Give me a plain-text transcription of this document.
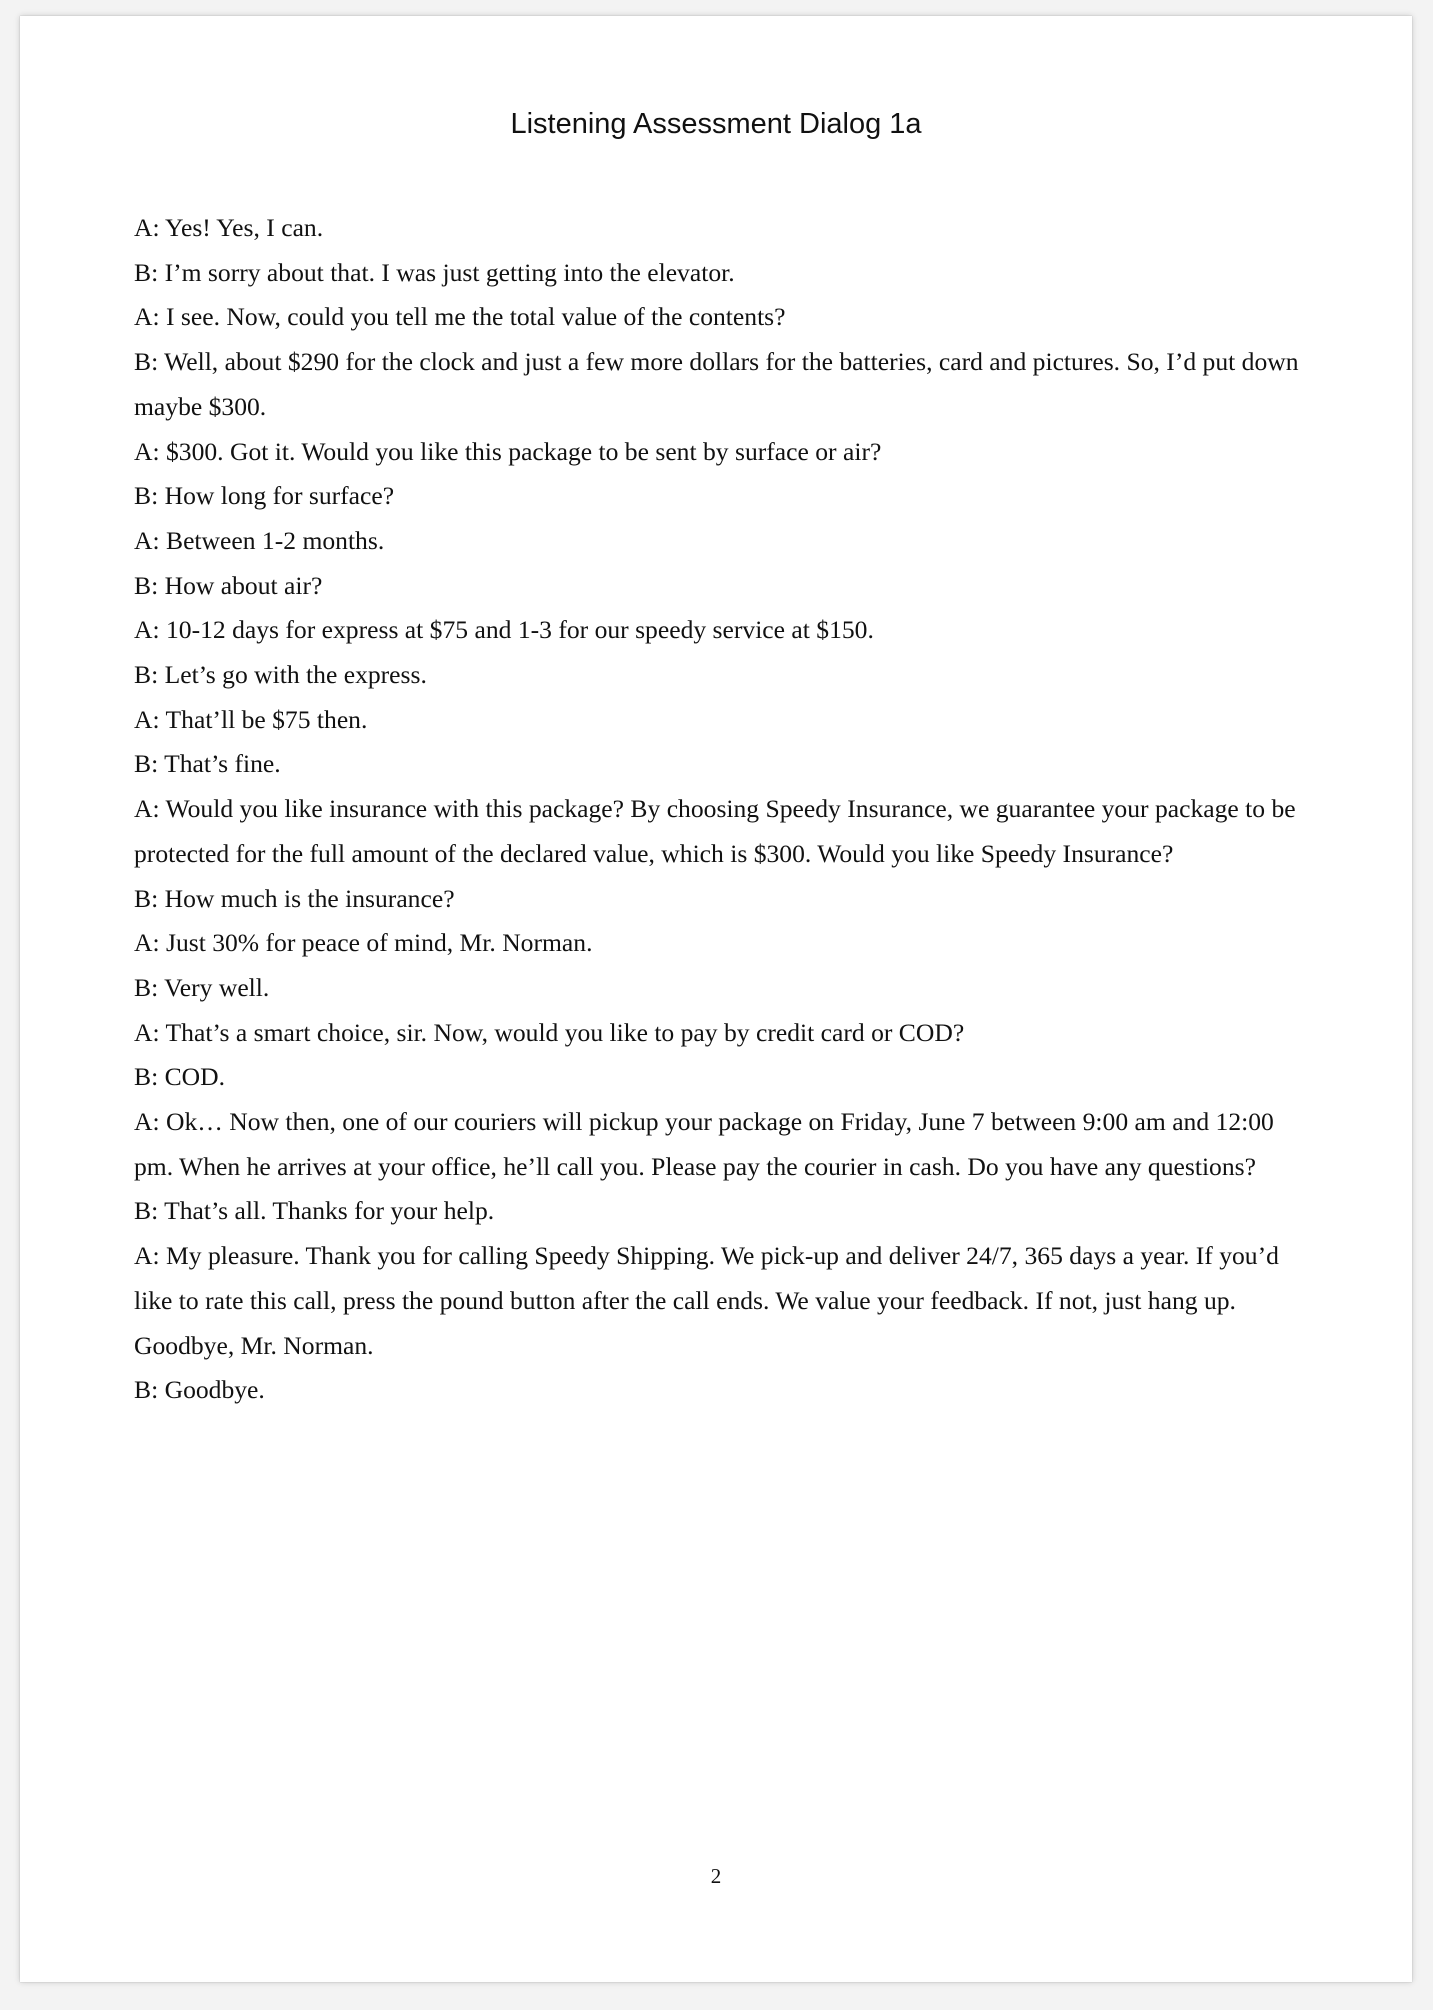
Listening Assessment Dialog 1a

A: Yes! Yes, I can.

B: I’m sorry about that. I was just getting into the elevator.

A: I see. Now, could you tell me the total value of the contents?

B: Well, about $290 for the clock and just a few more dollars for the batteries, card and pictures. So, I’d put down maybe $300.

A: $300. Got it. Would you like this package to be sent by surface or air?

B: How long for surface?

A: Between 1-2 months.

B: How about air?

A: 10-12 days for express at $75 and 1-3 for our speedy service at $150.

B: Let’s go with the express.

A: That’ll be $75 then.

B: That’s fine.

A: Would you like insurance with this package? By choosing Speedy Insurance, we guarantee your package to be protected for the full amount of the declared value, which is $300. Would you like Speedy Insurance?

B: How much is the insurance?

A: Just 30% for peace of mind, Mr. Norman.

B: Very well.

A: That’s a smart choice, sir. Now, would you like to pay by credit card or COD?

B: COD.

A: Ok… Now then, one of our couriers will pickup your package on Friday, June 7 between 9:00 am and 12:00 pm. When he arrives at your office, he’ll call you. Please pay the courier in cash. Do you have any questions?

B: That’s all. Thanks for your help.

A: My pleasure. Thank you for calling Speedy Shipping. We pick-up and deliver 24/7, 365 days a year. If you’d like to rate this call, press the pound button after the call ends. We value your feedback. If not, just hang up. Goodbye, Mr. Norman.

B: Goodbye.

2
